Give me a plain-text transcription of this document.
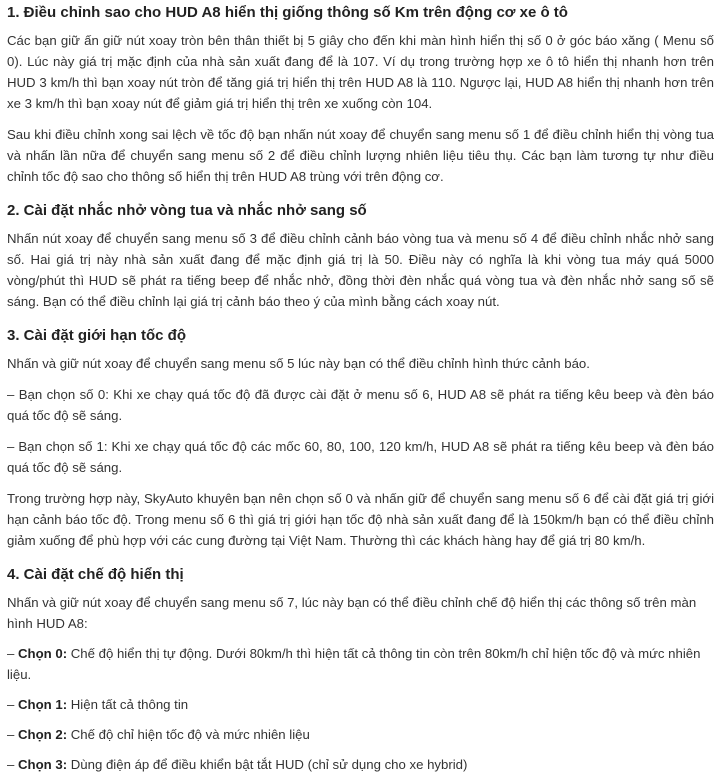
1. Điều chỉnh sao cho HUD A8 hiển thị giống thông số Km trên động cơ xe ô tô

Các bạn giữ ấn giữ nút xoay tròn bên thân thiết bị 5 giây cho đến khi màn hình hiển thị số 0 ở góc báo xăng ( Menu số 0). Lúc này giá trị mặc định của nhà sản xuất đang để là 107. Ví dụ trong trường hợp xe ô tô hiển thị nhanh hơn trên HUD 3 km/h thì bạn xoay nút tròn để tăng giá trị hiển thị trên HUD A8 là 110. Ngược lại, HUD A8 hiển thị nhanh hơn trên xe 3 km/h thì bạn xoay nút để giảm giá trị hiển thị trên xe xuống còn 104.

Sau khi điều chỉnh xong sai lệch về tốc độ bạn nhấn nút xoay để chuyển sang menu số 1 để điều chỉnh hiển thị vòng tua và nhấn lần nữa để chuyển sang menu số 2 để điều chỉnh lượng nhiên liệu tiêu thụ. Các bạn làm tương tự như điều chỉnh tốc độ sao cho thông số hiển thị trên HUD A8 trùng với trên động cơ.

2. Cài đặt nhắc nhở vòng tua và nhắc nhở sang số

Nhấn nút xoay để chuyển sang menu số 3 để điều chỉnh cảnh báo vòng tua và menu số 4 để điều chỉnh nhắc nhở sang số. Hai giá trị này nhà sản xuất đang để mặc định giá trị là 50. Điều này có nghĩa là khi vòng tua máy quá 5000 vòng/phút thì HUD sẽ phát ra tiếng beep để nhắc nhở, đồng thời đèn nhắc quá vòng tua và đèn nhắc nhở sang số sẽ sáng. Bạn có thể điều chỉnh lại giá trị cảnh báo theo ý của mình bằng cách xoay nút.

3. Cài đặt giới hạn tốc độ

Nhấn và giữ nút xoay để chuyển sang menu số 5 lúc này bạn có thể điều chỉnh hình thức cảnh báo.

– Bạn chọn số 0: Khi xe chạy quá tốc độ đã được cài đặt ở menu số 6, HUD A8 sẽ phát ra tiếng kêu beep và đèn báo quá tốc độ sẽ sáng.

– Bạn chọn số 1: Khi xe chạy quá tốc độ các mốc 60, 80, 100, 120 km/h, HUD A8 sẽ phát ra tiếng kêu beep và đèn báo quá tốc độ sẽ sáng.

Trong trường hợp này, SkyAuto khuyên bạn nên chọn số 0 và nhấn giữ để chuyển sang menu số 6 để cài đặt giá trị giới hạn cảnh báo tốc độ. Trong menu số 6 thì giá trị giới hạn tốc độ nhà sản xuất đang để là 150km/h bạn có thể điều chỉnh giảm xuống để phù hợp với các cung đường tại Việt Nam. Thường thì các khách hàng hay để giá trị 80 km/h.

4. Cài đặt chế độ hiển thị

Nhấn và giữ nút xoay để chuyển sang menu số 7, lúc này bạn có thể điều chỉnh chế độ hiển thị các thông số trên màn hình HUD A8:

– Chọn 0: Chế độ hiển thị tự động. Dưới 80km/h thì hiện tất cả thông tin còn trên 80km/h chỉ hiện tốc độ và mức nhiên liệu.

– Chọn 1: Hiện tất cả thông tin

– Chọn 2: Chế độ chỉ hiện tốc độ và mức nhiên liệu

– Chọn 3: Dùng điện áp để điều khiển bật tắt HUD (chỉ sử dụng cho xe hybrid)
